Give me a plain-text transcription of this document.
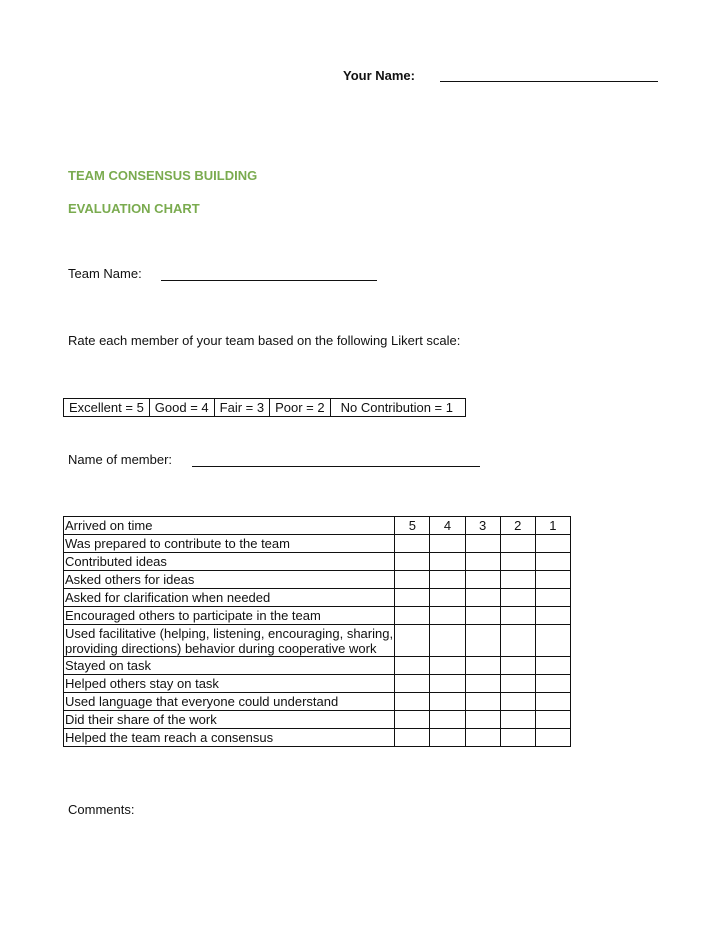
Your Name:
TEAM CONSENSUS BUILDING
EVALUATION CHART
Team Name:
Rate each member of your team based on the following Likert scale:
Excellent = 5	Good = 4	Fair = 3	Poor = 2	No Contribution = 1
Name of member:
Arrived on time	5	4	3	2	1
Was prepared to contribute to the team					
Contributed ideas					
Asked others for ideas					
Asked for clarification when needed					
Encouraged others to participate in the team					
Used facilitative (helping, listening, encouraging, sharing, providing directions) behavior during cooperative work					
Stayed on task					
Helped others stay on task					
Used language that everyone could understand					
Did their share of the work					
Helped the team reach a consensus					
Comments:
